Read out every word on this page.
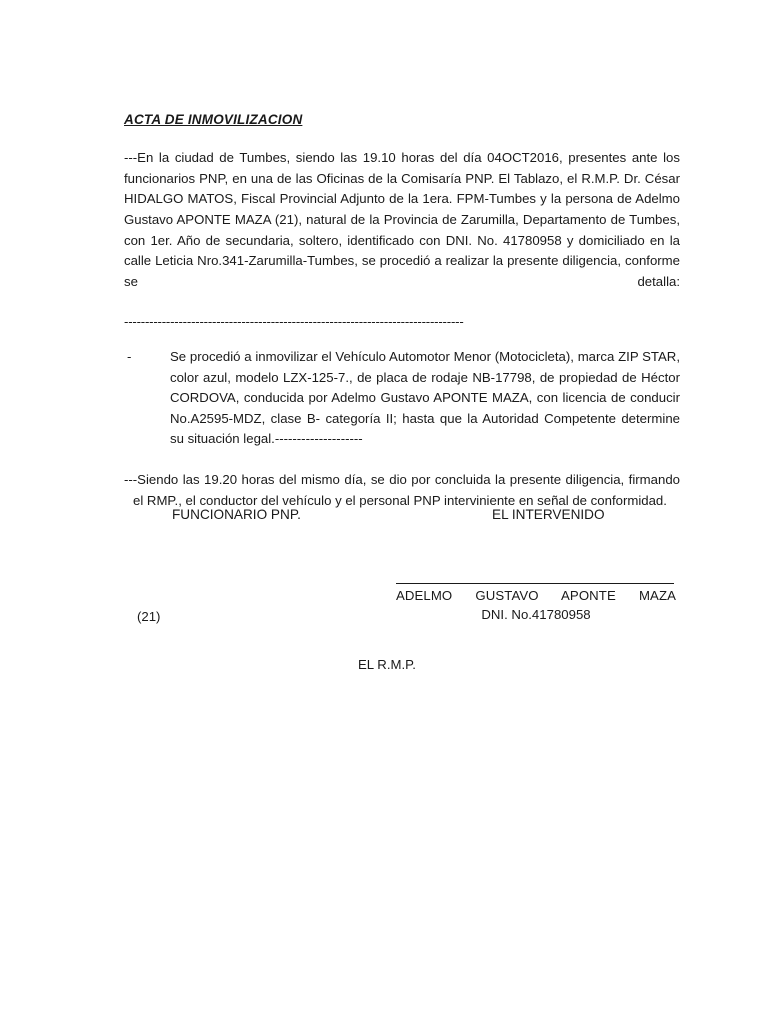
ACTA DE INMOVILIZACION

---En la ciudad de Tumbes, siendo las 19.10 horas del día 04OCT2016, presentes ante los funcionarios PNP, en una de las Oficinas de la Comisaría PNP. El Tablazo, el R.M.P. Dr. César HIDALGO MATOS, Fiscal Provincial Adjunto de la 1era. FPM-Tumbes y la persona de Adelmo Gustavo APONTE MAZA (21), natural de la Provincia de Zarumilla, Departamento de Tumbes, con 1er. Año de secundaria, soltero, identificado con DNI. No. 41780958 y domiciliado en la calle Leticia Nro.341-Zarumilla-Tumbes, se procedió a realizar la presente diligencia, conforme se detalla:

---------------------------------------------------------------------------------

-	Se procedió a inmovilizar el Vehículo Automotor Menor (Motocicleta), marca ZIP STAR, color azul, modelo LZX-125-7., de placa de rodaje NB-17798, de propiedad de Héctor CORDOVA, conducida por Adelmo Gustavo APONTE MAZA, con licencia de conducir No.A2595-MDZ, clase B- categoría II; hasta que la Autoridad Competente determine su situación legal.--------------------

---Siendo las 19.20 horas del mismo día, se dio por concluida la presente diligencia, firmando el RMP., el conductor del vehículo y el personal PNP interviniente en señal de conformidad.

FUNCIONARIO PNP.	EL INTERVENIDO
ADELMO GUSTAVO APONTE MAZA
DNI. No.41780958
(21)
EL R.M.P.
